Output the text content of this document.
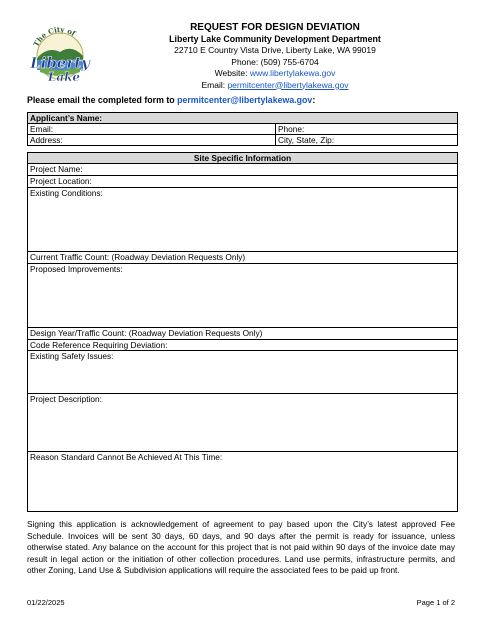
The City of
Liberty
Lake
REQUEST FOR DESIGN DEVIATION
Liberty Lake Community Development Department
22710 E Country Vista Drive, Liberty Lake, WA 99019
Phone: (509) 755-6704
Website: www.libertylakewa.gov
Email: permitcenter@libertylakewa.gov
Please email the completed form to permitcenter@libertylakewa.gov:
Applicant’s Name:	
Email:	Phone:
Address:	City, State, Zip:
Site Specific Information
Project Name:
Project Location:
Existing Conditions:
Current Traffic Count: (Roadway Deviation Requests Only)
Proposed Improvements:
Design Year/Traffic Count: (Roadway Deviation Requests Only)
Code Reference Requiring Deviation:
Existing Safety Issues:
Project Description:
Reason Standard Cannot Be Achieved At This Time:
Signing this application is acknowledgement of agreement to pay based upon the City’s latest approved Fee Schedule. Invoices will be sent 30 days, 60 days, and 90 days after the permit is ready for issuance, unless otherwise stated. Any balance on the account for this project that is not paid within 90 days of the invoice date may result in legal action or the initiation of other collection procedures. Land use permits, infrastructure permits, and other Zoning, Land Use & Subdivision applications will require the associated fees to be paid up front.
01/22/2025	Page 1 of 2
